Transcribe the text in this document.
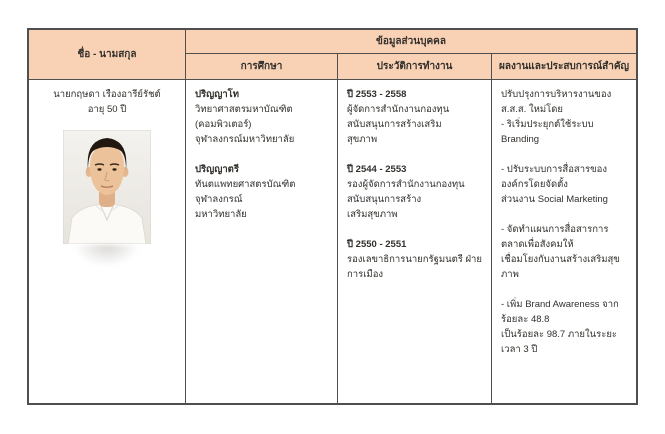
ชื่อ - นามสกุล
ข้อมูลส่วนบุคคล
การศึกษา	ประวัติการทำงาน	ผลงานและประสบการณ์สำคัญ
นายกฤษดา เรืองอารีย์รัชต์
อายุ 50 ปี
ปริญญาโท
วิทยาศาสตรมหาบัณฑิต (คอมพิวเตอร์)
จุฬาลงกรณ์มหาวิทยาลัย
ปริญญาตรี
ทันตแพทยศาสตรบัณฑิต จุฬาลงกรณ์
มหาวิทยาลัย
ปี 2553 - 2558
ผู้จัดการสำนักงานกองทุนสนับสนุนการสร้างเสริม
สุขภาพ
ปี 2544 - 2553
รองผู้จัดการสำนักงานกองทุนสนับสนุนการสร้าง
เสริมสุขภาพ
ปี 2550 - 2551
รองเลขาธิการนายกรัฐมนตรี ฝ่ายการเมือง
ปรับปรุงการบริหารงานของ ส.ส.ส. ใหม่โดย
- ริเริ่มประยุกต์ใช้ระบบ Branding
- ปรับระบบการสื่อสารขององค์กรโดยจัดตั้ง
ส่วนงาน Social Marketing
- จัดทำแผนการสื่อสารการตลาดเพื่อสังคมให้
เชื่อมโยงกับงานสร้างเสริมสุขภาพ
- เพิ่ม Brand Awareness จากร้อยละ 48.8
เป็นร้อยละ 98.7 ภายในระยะเวลา 3 ปี
